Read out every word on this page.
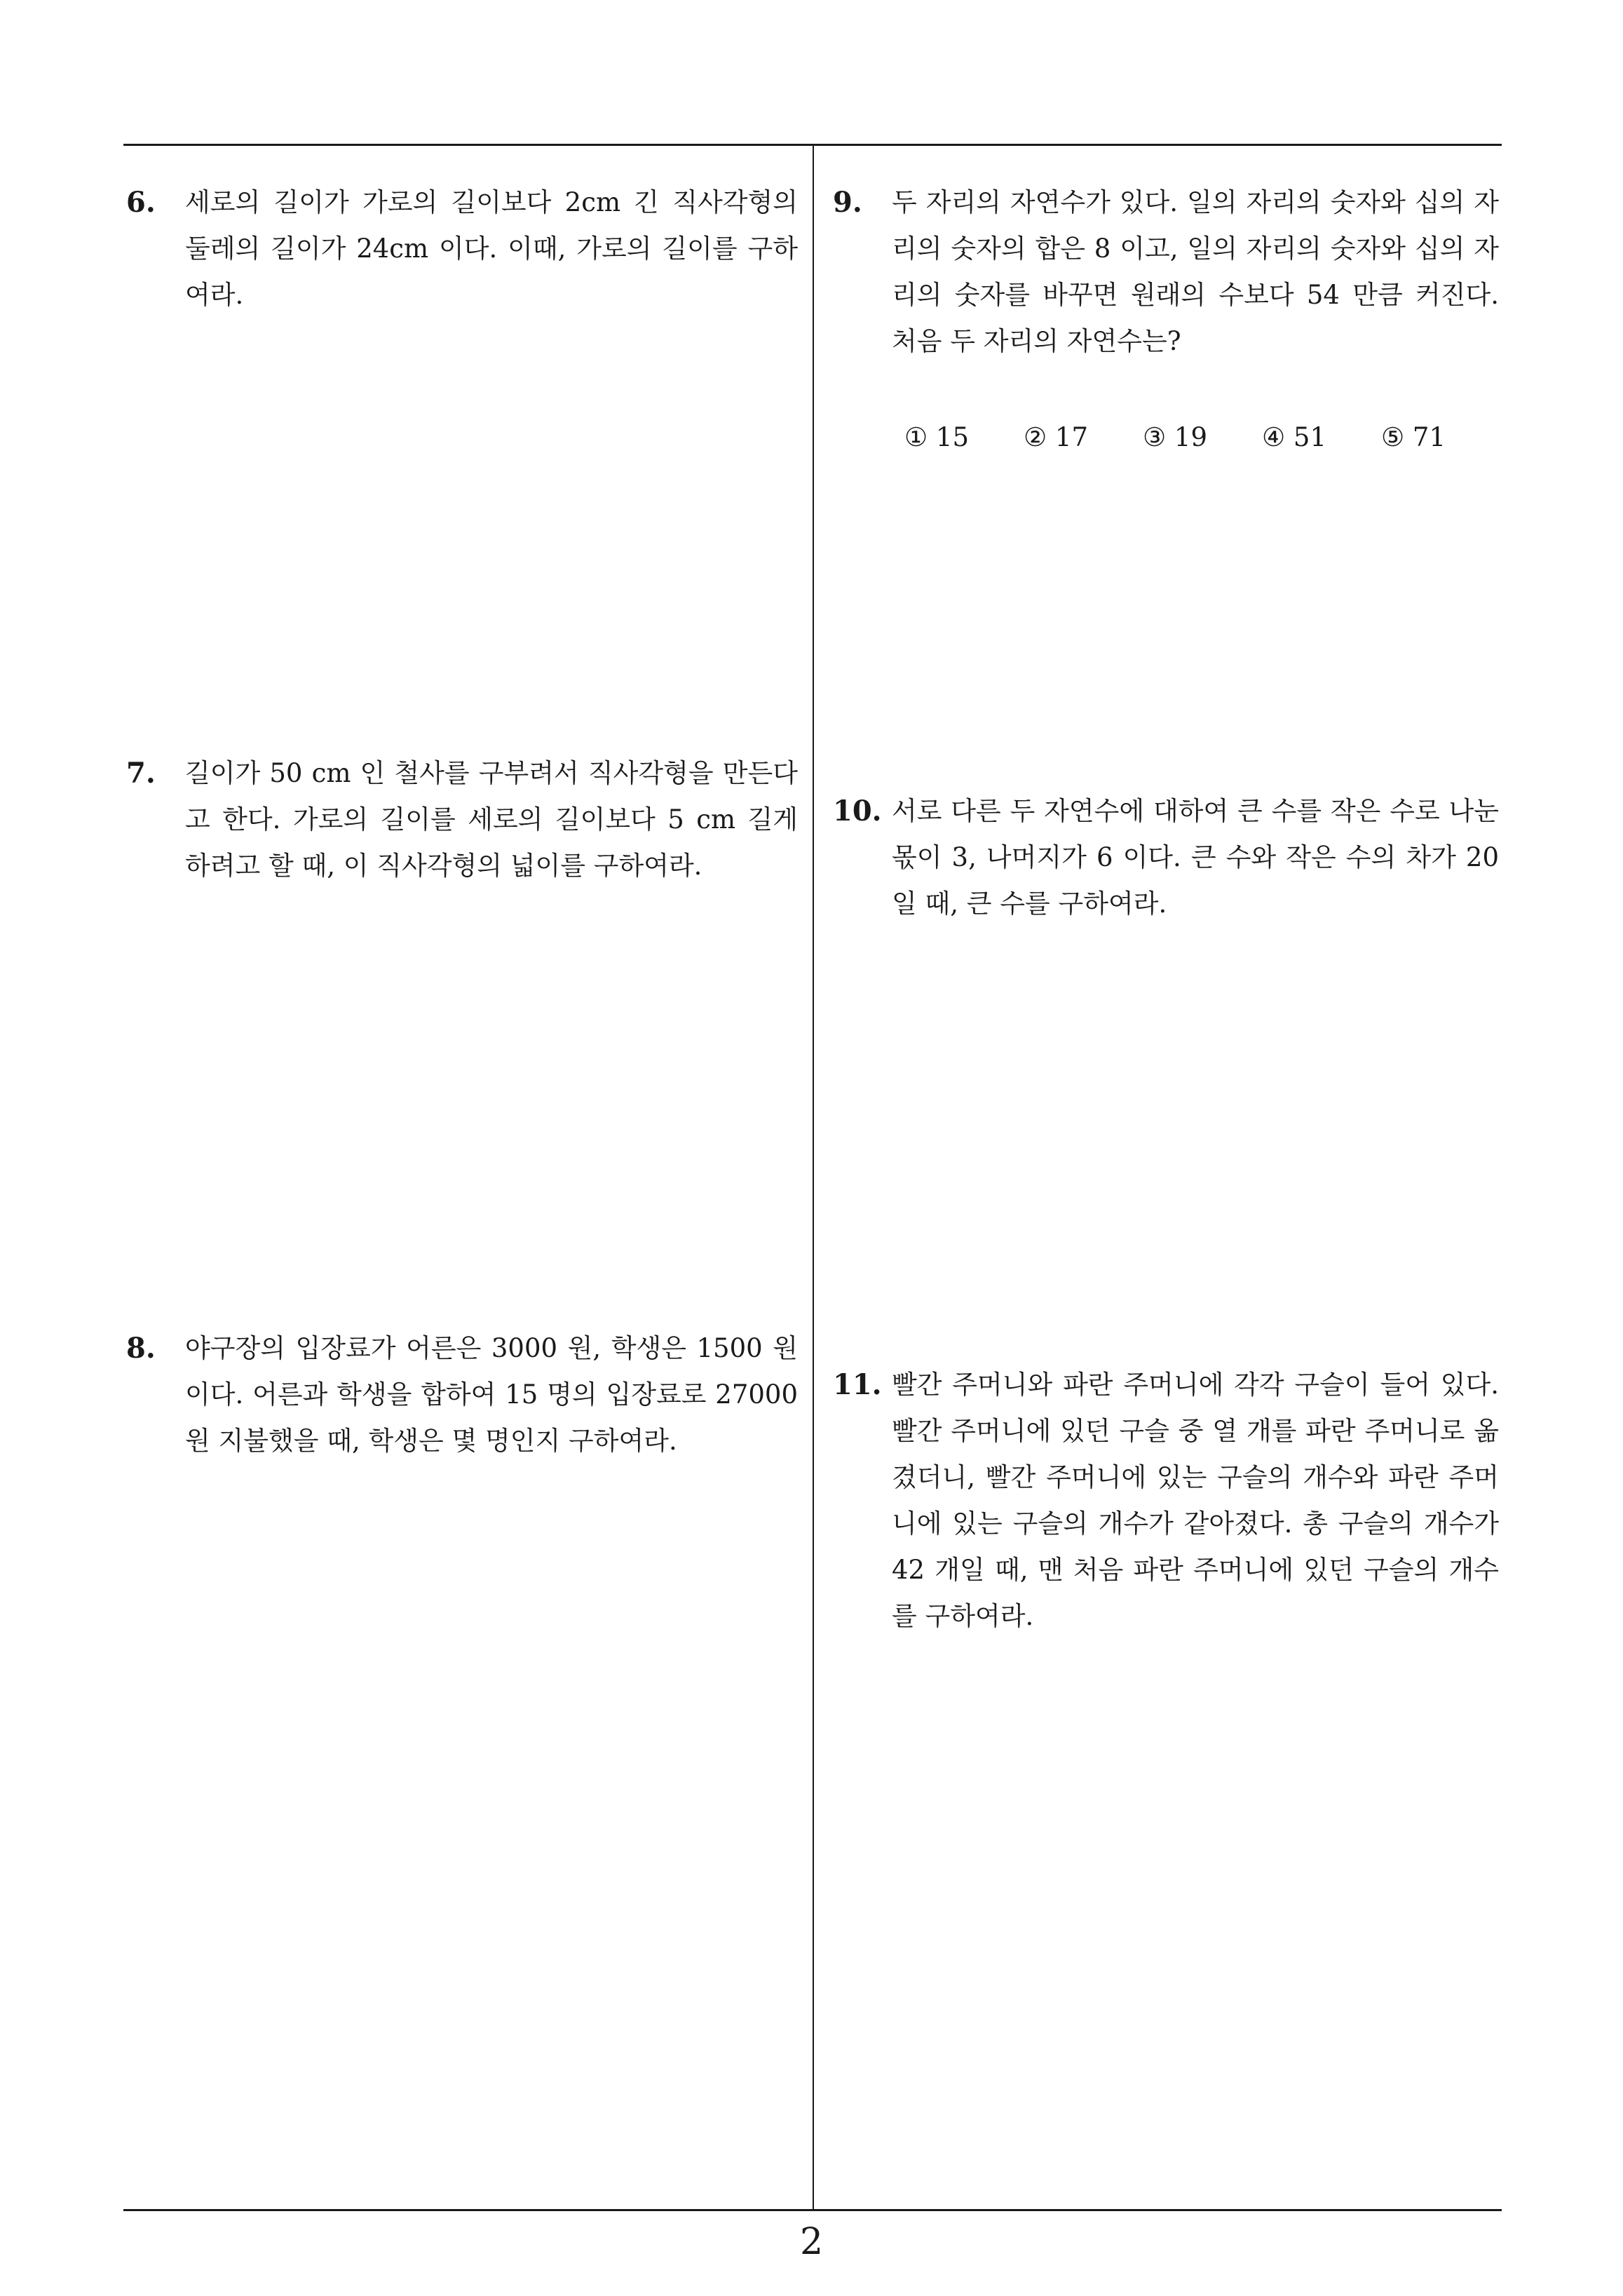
6. 세로의 길이가 가로의 길이보다 2cm 긴 직사각형의 둘레의 길이가 24cm 이다. 이때, 가로의 길이를 구하여라.
7. 길이가 50 cm 인 철사를 구부려서 직사각형을 만든다고 한다. 가로의 길이를 세로의 길이보다 5 cm 길게 하려고 할 때, 이 직사각형의 넓이를 구하여라.
8. 야구장의 입장료가 어른은 3000 원, 학생은 1500 원이다. 어른과 학생을 합하여 15 명의 입장료로 27000 원 지불했을 때, 학생은 몇 명인지 구하여라.
9. 두 자리의 자연수가 있다. 일의 자리의 숫자와 십의 자리의 숫자의 합은 8 이고, 일의 자리의 숫자와 십의 자리의 숫자를 바꾸면 원래의 수보다 54 만큼 커진다. 처음 두 자리의 자연수는?
① 15	② 17	③ 19	④ 51	⑤ 71
10. 서로 다른 두 자연수에 대하여 큰 수를 작은 수로 나눈 몫이 3, 나머지가 6 이다. 큰 수와 작은 수의 차가 20 일 때, 큰 수를 구하여라.
11. 빨간 주머니와 파란 주머니에 각각 구슬이 들어 있다. 빨간 주머니에 있던 구슬 중 열 개를 파란 주머니로 옮겼더니, 빨간 주머니에 있는 구슬의 개수와 파란 주머니에 있는 구슬의 개수가 같아졌다. 총 구슬의 개수가 42 개일 때, 맨 처음 파란 주머니에 있던 구슬의 개수를 구하여라.
2
